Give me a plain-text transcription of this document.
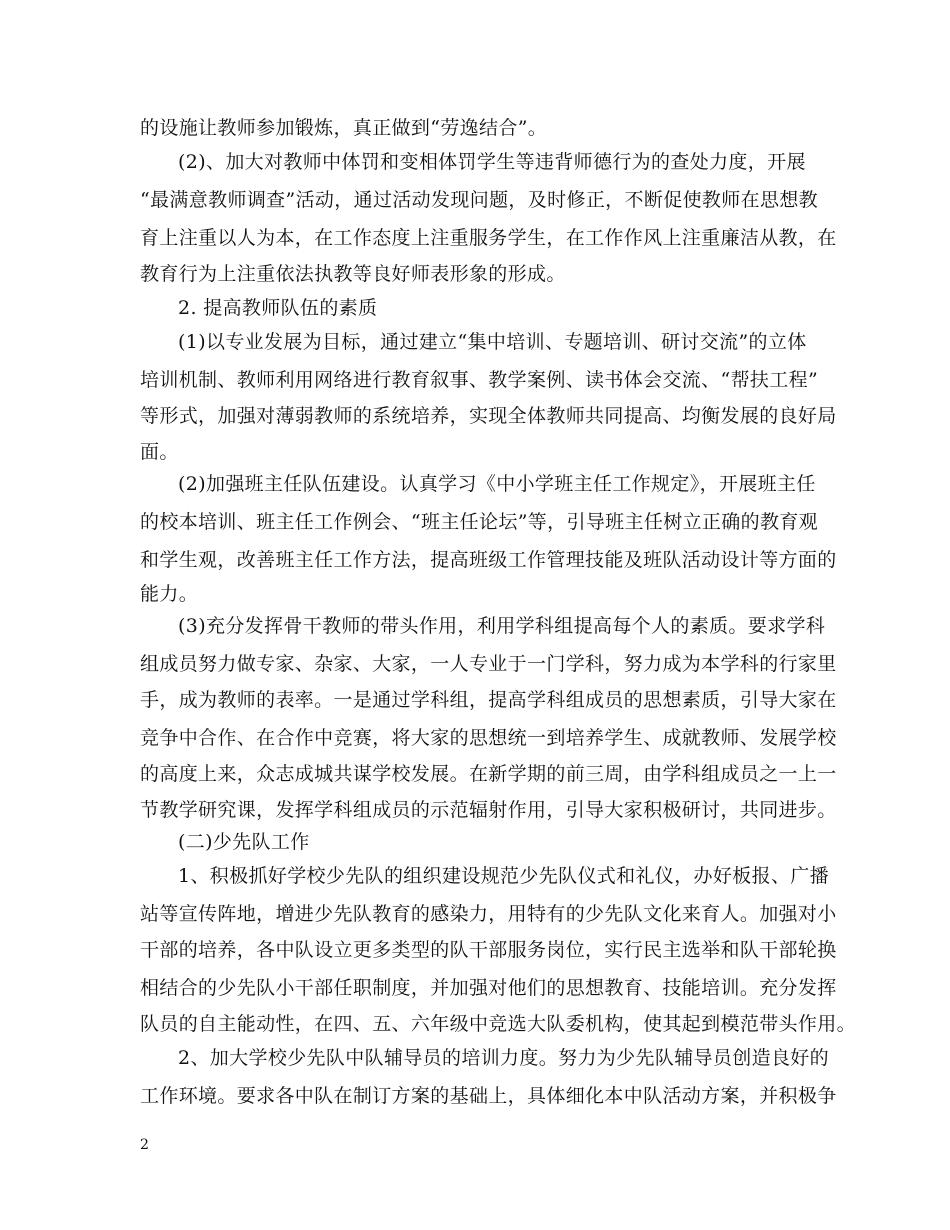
的设施让教师参加锻炼，真正做到“劳逸结合”。
(2)、加大对教师中体罚和变相体罚学生等违背师德行为的查处力度，开展
“最满意教师调查”活动，通过活动发现问题，及时修正，不断促使教师在思想教
育上注重以人为本，在工作态度上注重服务学生，在工作作风上注重廉洁从教，在
教育行为上注重依法执教等良好师表形象的形成。
2. 提高教师队伍的素质
(1)以专业发展为目标，通过建立“集中培训、专题培训、研讨交流”的立体
培训机制、教师利用网络进行教育叙事、教学案例、读书体会交流、“帮扶工程”
等形式，加强对薄弱教师的系统培养，实现全体教师共同提高、均衡发展的良好局
面。
(2)加强班主任队伍建设。认真学习《中小学班主任工作规定》，开展班主任
的校本培训、班主任工作例会、“班主任论坛”等，引导班主任树立正确的教育观
和学生观，改善班主任工作方法，提高班级工作管理技能及班队活动设计等方面的
能力。
(3)充分发挥骨干教师的带头作用，利用学科组提高每个人的素质。要求学科
组成员努力做专家、杂家、大家，一人专业于一门学科，努力成为本学科的行家里
手，成为教师的表率。一是通过学科组，提高学科组成员的思想素质，引导大家在
竞争中合作、在合作中竞赛，将大家的思想统一到培养学生、成就教师、发展学校
的高度上来，众志成城共谋学校发展。在新学期的前三周，由学科组成员之一上一
节教学研究课，发挥学科组成员的示范辐射作用，引导大家积极研讨，共同进步。
(二)少先队工作
1、积极抓好学校少先队的组织建设规范少先队仪式和礼仪，办好板报、广播
站等宣传阵地，增进少先队教育的感染力，用特有的少先队文化来育人。加强对小
干部的培养，各中队设立更多类型的队干部服务岗位，实行民主选举和队干部轮换
相结合的少先队小干部任职制度，并加强对他们的思想教育、技能培训。充分发挥
队员的自主能动性，在四、五、六年级中竞选大队委机构，使其起到模范带头作用。
2、加大学校少先队中队辅导员的培训力度。努力为少先队辅导员创造良好的
工作环境。要求各中队在制订方案的基础上，具体细化本中队活动方案，并积极争
2
